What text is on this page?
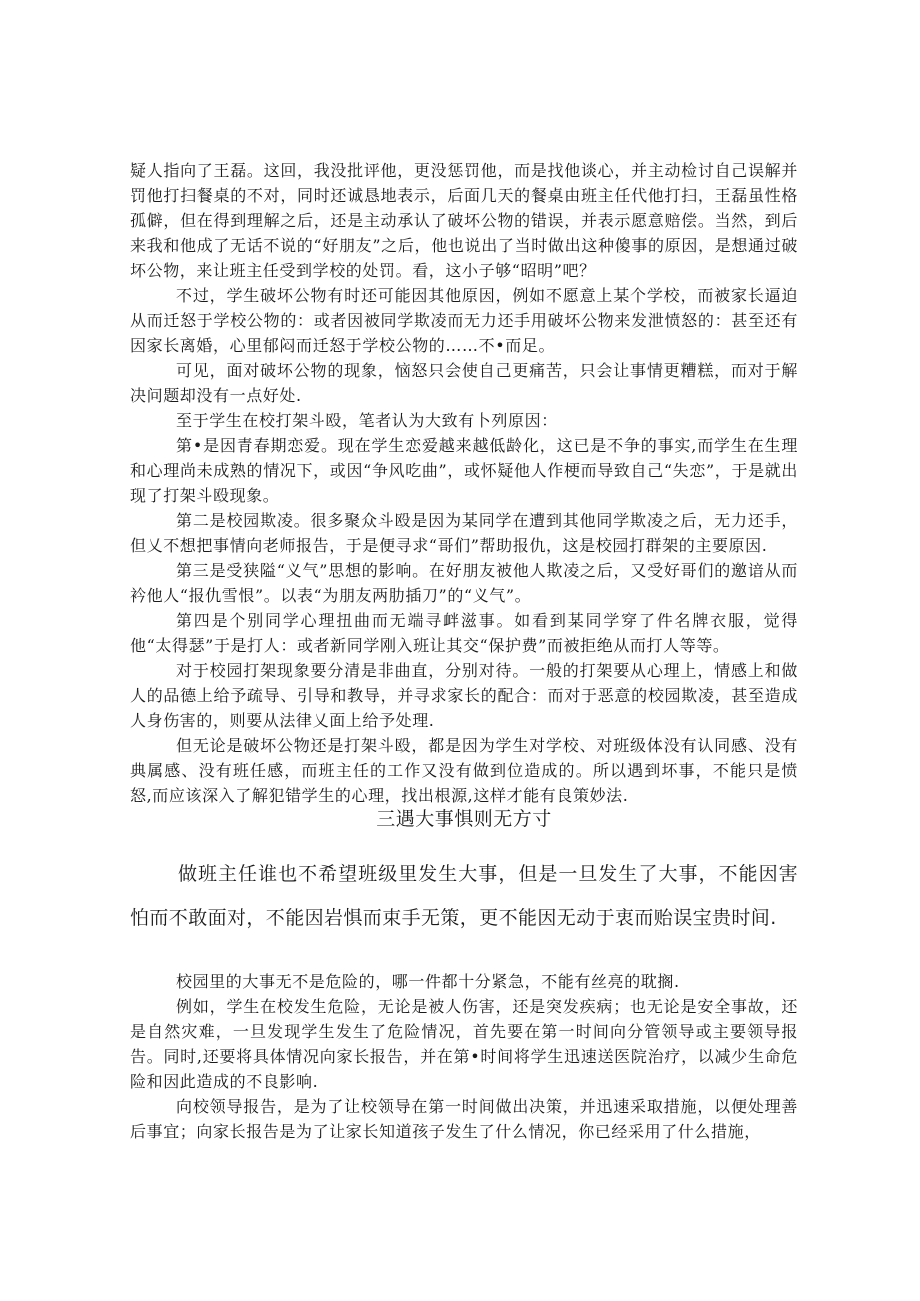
疑人指向了王磊。这回，我没批评他，更没惩罚他，而是找他谈心，并主动检讨自己误解并罚他打扫餐桌的不对，同时还诚恳地表示，后面几天的餐桌由班主任代他打扫，王磊虽性格孤僻，但在得到理解之后，还是主动承认了破坏公物的错误，并表示愿意赔偿。当然，到后来我和他成了无话不说的“好朋友”之后，他也说出了当时做出这种傻事的原因，是想通过破坏公物，来让班主任受到学校的处罚。看，这小子够“昭明”吧？

不过，学生破坏公物有时还可能因其他原因，例如不愿意上某个学校，而被家长逼迫从而迁怒于学校公物的：或者因被同学欺凌而无力还手用破坏公物来发泄愤怒的：甚至还有因家长离婚，心里郁闷而迁怒于学校公物的……不•而足。

可见，面对破坏公物的现象，恼怒只会使自己更痛苦，只会让事情更糟糕，而对于解决问题却没有一点好处.

至于学生在校打架斗殴，笔者认为大致有卜列原因：

第•是因青春期恋爱。现在学生恋爱越来越低龄化，这已是不争的事实,而学生在生理和心理尚未成熟的情况下，或因“争风吃曲”，或怀疑他人作梗而导致自己“失恋”，于是就出现了打架斗殴现象。

第二是校园欺凌。很多聚众斗殴是因为某同学在遭到其他同学欺凌之后，无力还手，但乂不想把事情向老师报告，于是便寻求“哥们”帮助报仇，这是校园打群架的主要原因.

第三是受狭隘“义气”思想的影响。在好朋友被他人欺凌之后，又受好哥们的邀谙从而衿他人“报仇雪恨”。以表“为朋友两肋插刀”的“义气”。

第四是个别同学心理扭曲而无端寻衅滋事。如看到某同学穿了件名牌衣服，觉得他“太得瑟”于是打人：或者新同学刚入班让其交“保护费”而被拒绝从而打人等等。

对于校园打架现象要分清是非曲直，分别对待。一般的打架要从心理上，情感上和做人的品德上给予疏导、引导和教导，并寻求家长的配合：而对于恶意的校园欺凌，甚至造成人身伤害的，则要从法律乂面上给予处理.

但无论是破坏公物还是打架斗殴，都是因为学生对学校、对班级体没有认同感、没有典属感、没有班任感，而班主任的工作又没有做到位造成的。所以遇到坏事，不能只是愤怒,而应该深入了解犯错学生的心理，找出根源,这样才能有良策妙法.

三遇大事惧则无方寸

做班主任谁也不希望班级里发生大事，但是一旦发生了大事，不能因害怕而不敢面对，不能因岩惧而束手无策，更不能因无动于衷而贻误宝贵时间.

校园里的大事无不是危险的，哪一件都十分紧急，不能有丝亮的耽搁.

例如，学生在校发生危险，无论是被人伤害，还是突发疾病；也无论是安全事故，还是自然灾难，一旦发现学生发生了危险情况，首先要在第一时间向分管领导或主要领导报告。同时,还要将具体情况向家长报告，并在第•时间将学生迅速送医院治疗，以减少生命危险和因此造成的不良影响.

向校领导报告，是为了让校领导在第一时间做出决策，并迅速采取措施，以便处理善后事宜；向家长报告是为了让家长知道孩子发生了什么情况，你已经采用了什么措施，
